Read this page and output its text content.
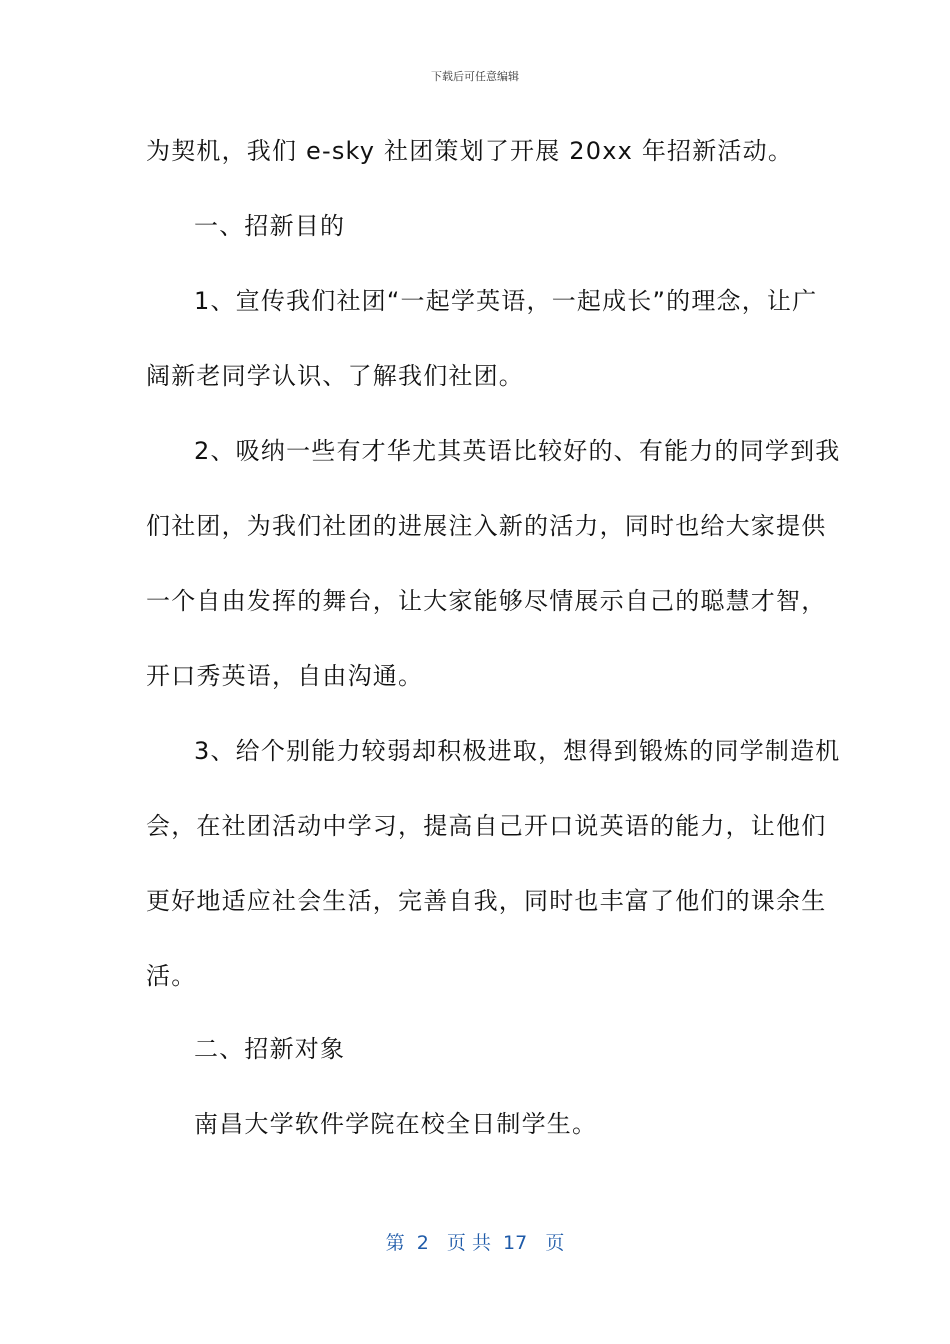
下载后可任意编辑
为契机，我们 e-sky 社团策划了开展 20xx 年招新活动。
一、招新目的
1、宣传我们社团“一起学英语，一起成长”的理念，让广
阔新老同学认识、了解我们社团。
2、吸纳一些有才华尤其英语比较好的、有能力的同学到我
们社团，为我们社团的进展注入新的活力，同时也给大家提供
一个自由发挥的舞台，让大家能够尽情展示自己的聪慧才智，
开口秀英语，自由沟通。
3、给个别能力较弱却积极进取，想得到锻炼的同学制造机
会，在社团活动中学习，提高自己开口说英语的能力，让他们
更好地适应社会生活，完善自我，同时也丰富了他们的课余生
活。
二、招新对象
南昌大学软件学院在校全日制学生。
第  2   页 共  17   页
